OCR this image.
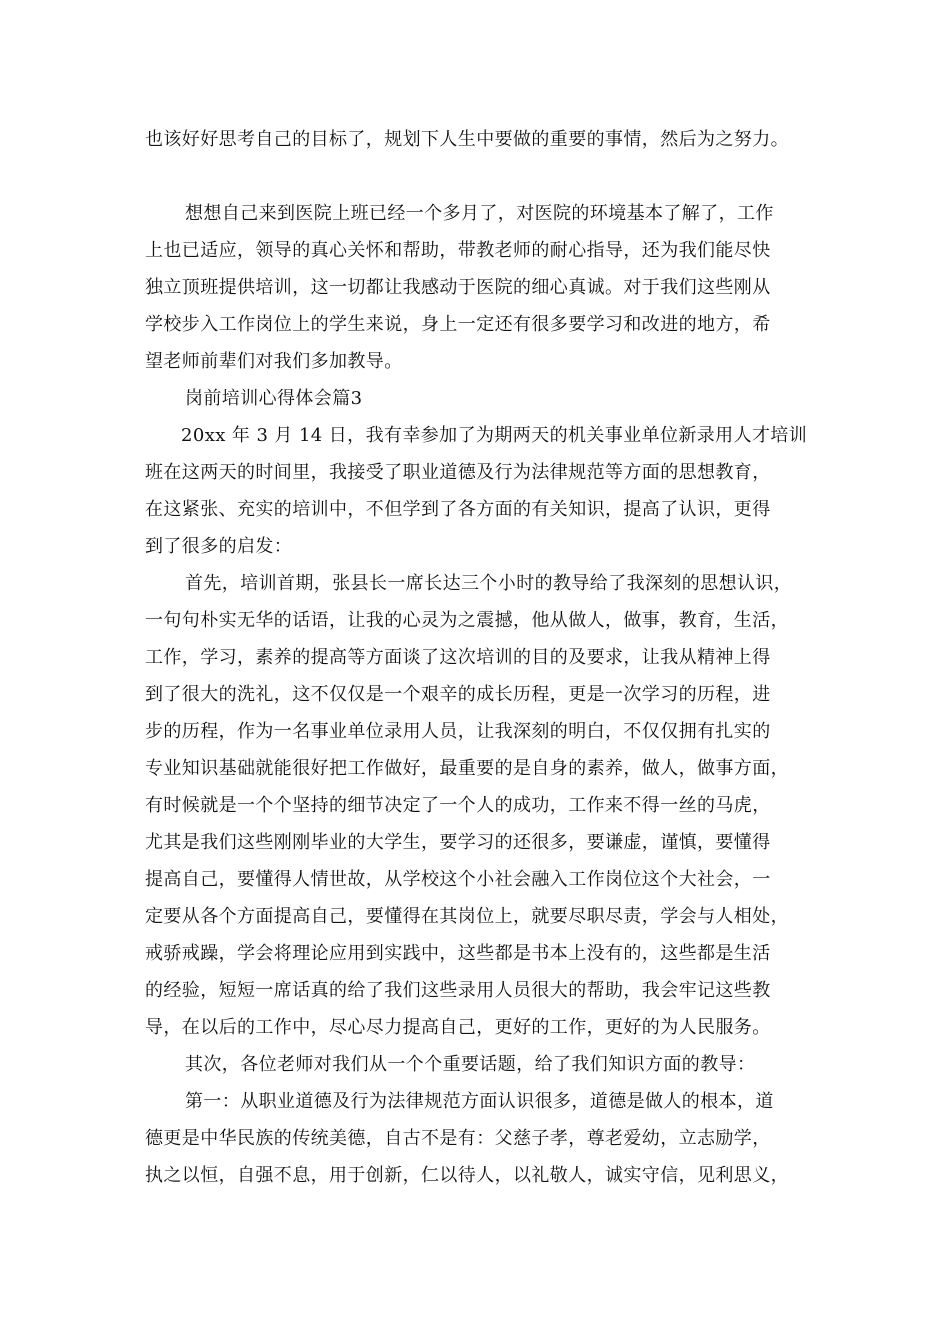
也该好好思考自己的目标了，规划下人生中要做的重要的事情，然后为之努力。
想想自己来到医院上班已经一个多月了，对医院的环境基本了解了，工作
上也已适应，领导的真心关怀和帮助，带教老师的耐心指导，还为我们能尽快
独立顶班提供培训，这一切都让我感动于医院的细心真诚。对于我们这些刚从
学校步入工作岗位上的学生来说，身上一定还有很多要学习和改进的地方，希
望老师前辈们对我们多加教导。
岗前培训心得体会篇3
20xx 年 3 月 14 日，我有幸参加了为期两天的机关事业单位新录用人才培训
班在这两天的时间里，我接受了职业道德及行为法律规范等方面的思想教育，
在这紧张、充实的培训中，不但学到了各方面的有关知识，提高了认识，更得
到了很多的启发：
首先，培训首期，张县长一席长达三个小时的教导给了我深刻的思想认识，
一句句朴实无华的话语，让我的心灵为之震撼，他从做人，做事，教育，生活，
工作，学习，素养的提高等方面谈了这次培训的目的及要求，让我从精神上得
到了很大的洗礼，这不仅仅是一个艰辛的成长历程，更是一次学习的历程，进
步的历程，作为一名事业单位录用人员，让我深刻的明白，不仅仅拥有扎实的
专业知识基础就能很好把工作做好，最重要的是自身的素养，做人，做事方面，
有时候就是一个个坚持的细节决定了一个人的成功，工作来不得一丝的马虎，
尤其是我们这些刚刚毕业的大学生，要学习的还很多，要谦虚，谨慎，要懂得
提高自己，要懂得人情世故，从学校这个小社会融入工作岗位这个大社会，一
定要从各个方面提高自己，要懂得在其岗位上，就要尽职尽责，学会与人相处，
戒骄戒躁，学会将理论应用到实践中，这些都是书本上没有的，这些都是生活
的经验，短短一席话真的给了我们这些录用人员很大的帮助，我会牢记这些教
导，在以后的工作中，尽心尽力提高自己，更好的工作，更好的为人民服务。
其次，各位老师对我们从一个个重要话题，给了我们知识方面的教导：
第一：从职业道德及行为法律规范方面认识很多，道德是做人的根本，道
德更是中华民族的传统美德，自古不是有：父慈子孝，尊老爱幼，立志励学，
执之以恒，自强不息，用于创新，仁以待人，以礼敬人，诚实守信，见利思义，
